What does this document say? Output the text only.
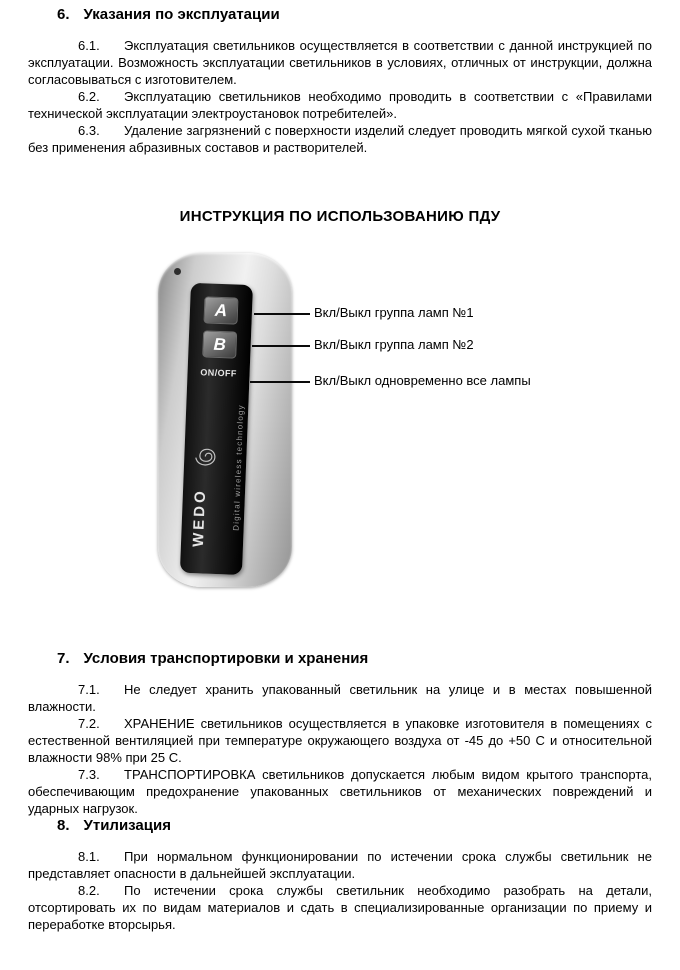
6. Указания по эксплуатации

6.1. Эксплуатация светильников осуществляется в соответствии с данной инструкцией по эксплуатации. Возможность эксплуатации светильников в условиях, отличных от инструкции, должна согласовываться с изготовителем.

6.2. Эксплуатацию светильников необходимо проводить в соответствии с «Правилами технической эксплуатации электроустановок потребителей».

6.3. Удаление загрязнений с поверхности изделий следует проводить мягкой сухой тканью без применения абразивных составов и растворителей.

ИНСТРУКЦИЯ ПО ИСПОЛЬЗОВАНИЮ ПДУ
A
B
ON/OFF
Digital wireless technology
WEDO
Вкл/Выкл группа ламп №1
Вкл/Выкл группа ламп №2
Вкл/Выкл одновременно все лампы
7. Условия транспортировки и хранения

7.1. Не следует хранить упакованный светильник на улице и в местах повышенной влажности.

7.2. ХРАНЕНИЕ светильников осуществляется в упаковке изготовителя в помещениях с естественной вентиляцией при температуре окружающего воздуха от -45 до +50 С и относительной влажности 98% при 25 С.

7.3. ТРАНСПОРТИРОВКА светильников допускается любым видом крытого транспорта, обеспечивающим предохранение упакованных светильников от механических повреждений и ударных нагрузок.

8. Утилизация

8.1. При нормальном функционировании по истечении срока службы светильник не представляет опасности в дальнейшей эксплуатации.

8.2. По истечении срока службы светильник необходимо разобрать на детали, отсортировать их по видам материалов и сдать в специализированные организации по приему и переработке вторсырья.
